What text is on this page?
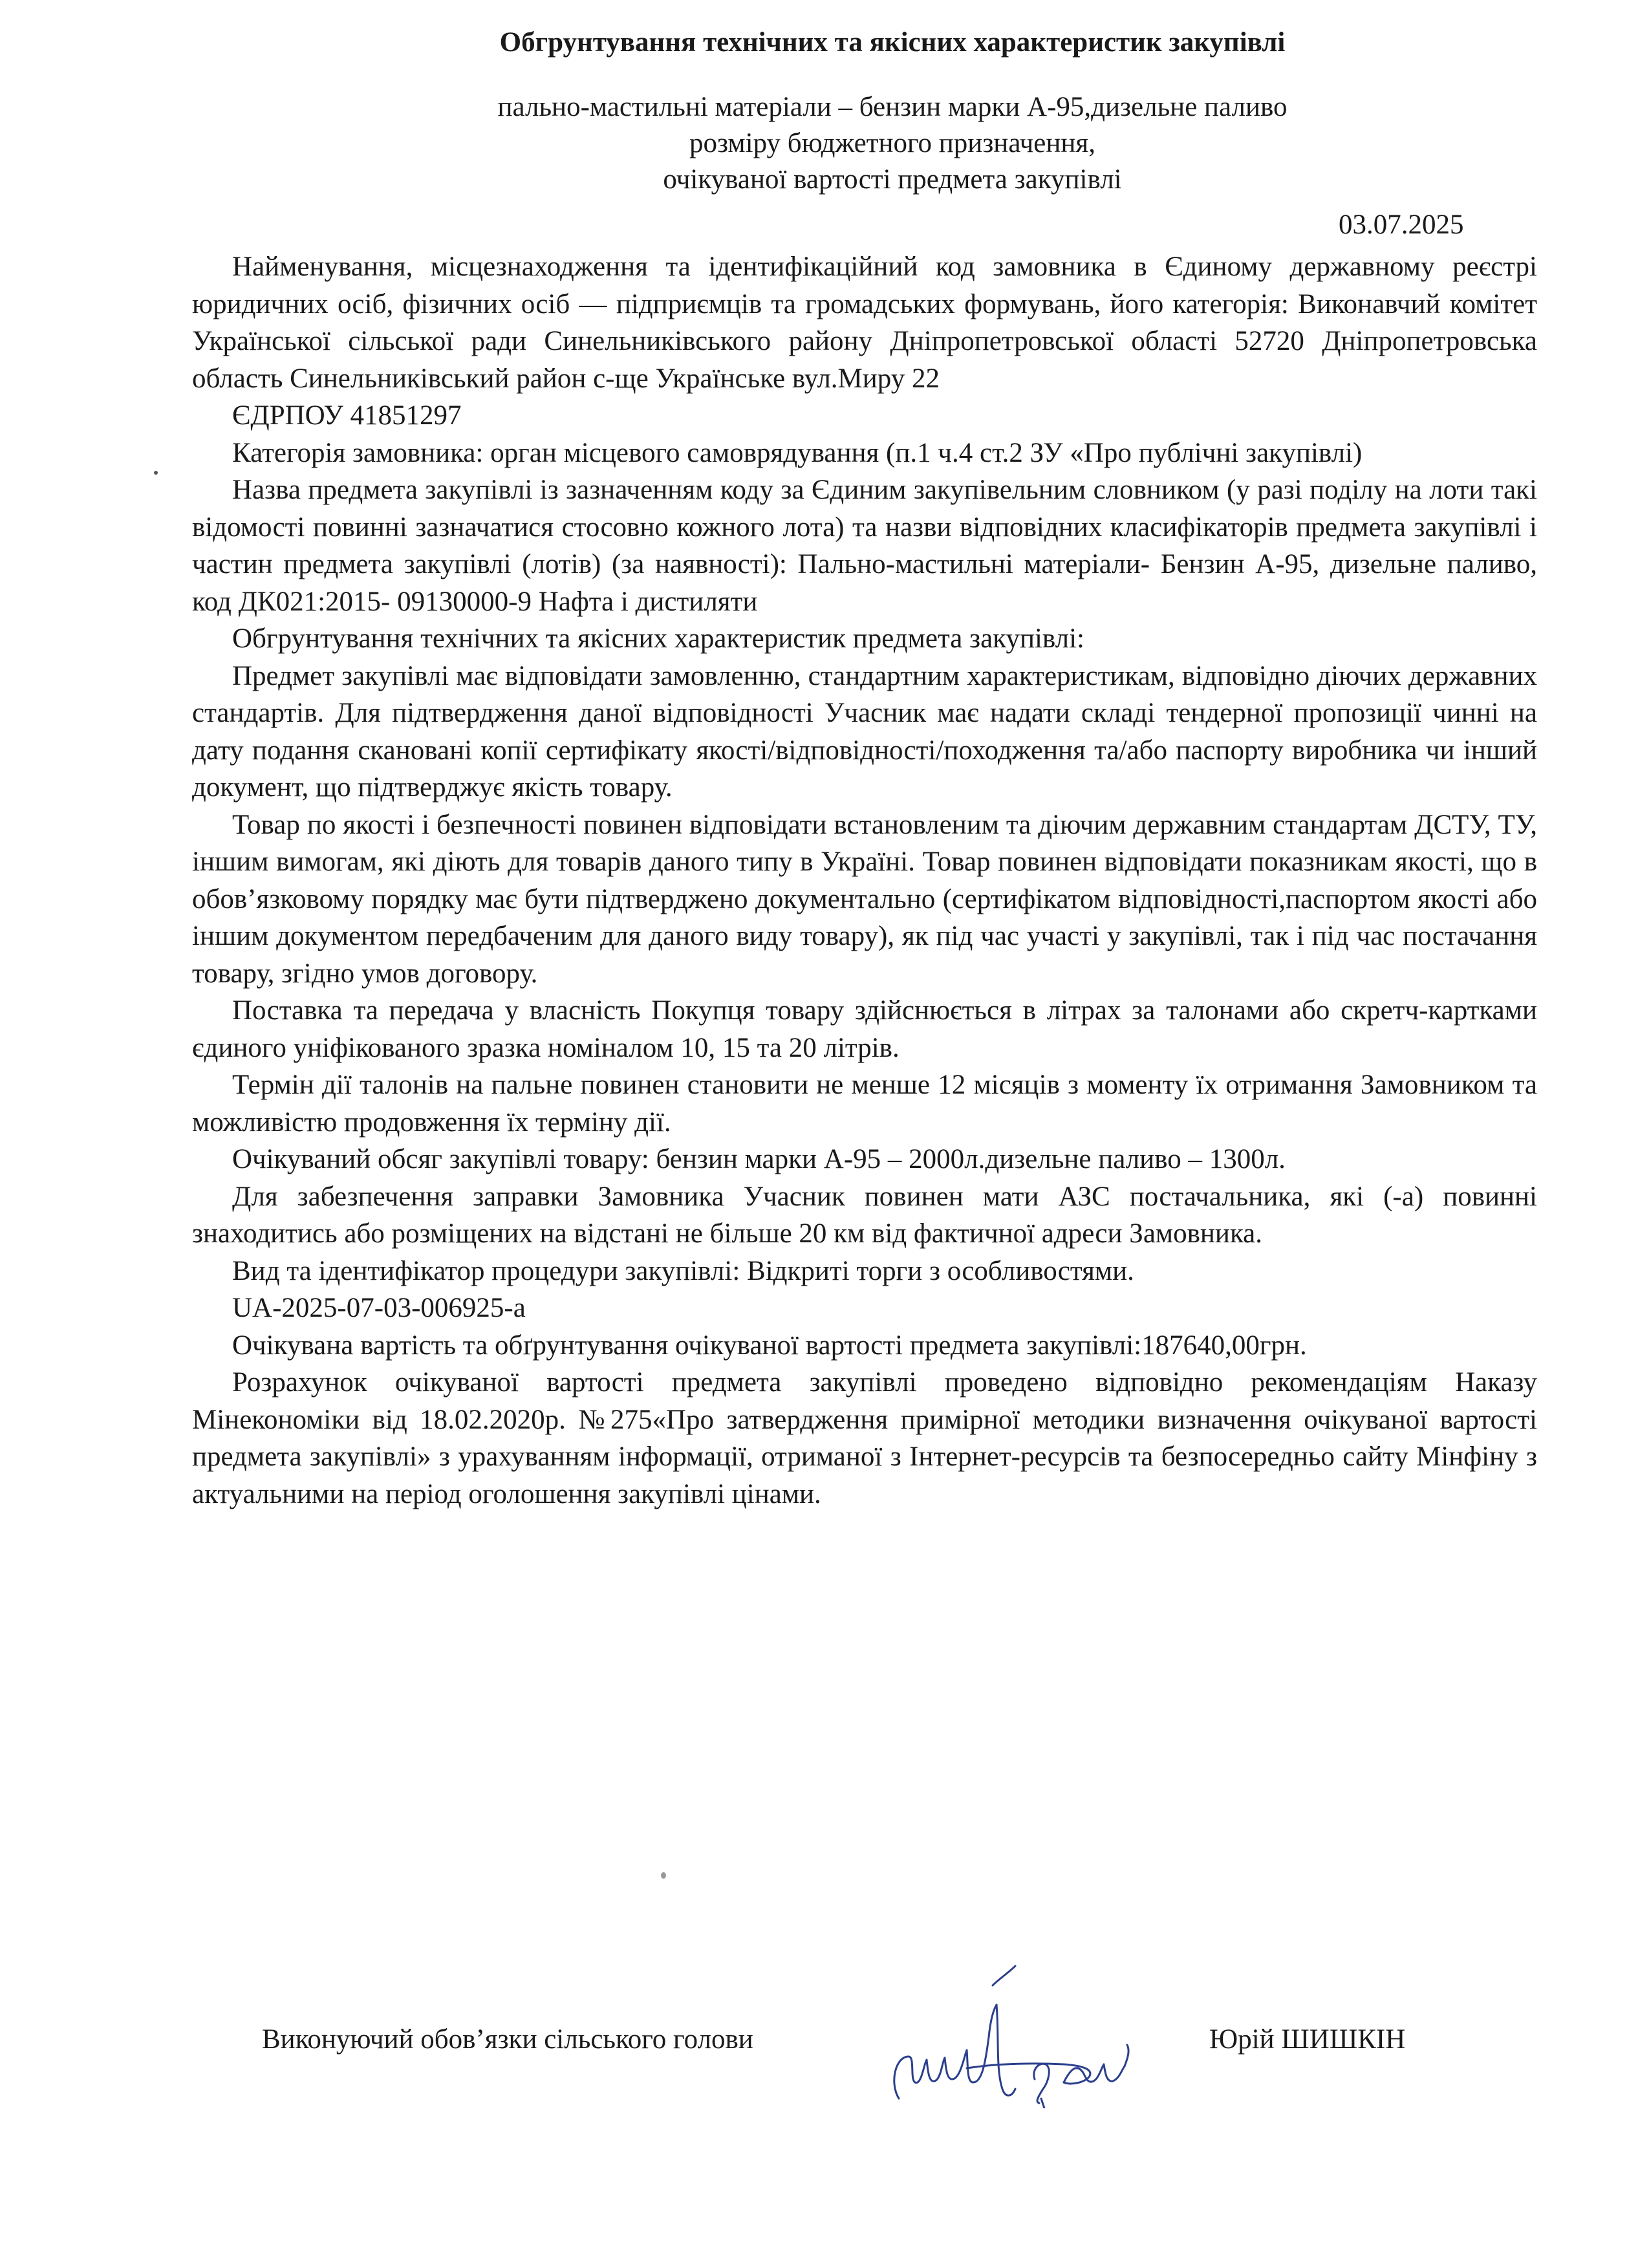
Обгрунтування технічних та якісних характеристик закупівлі
пально-мастильні матеріали – бензин марки А-95,дизельне паливо
розміру бюджетного призначення,
очікуваної вартості предмета закупівлі
03.07.2025

Найменування, місцезнаходження та ідентифікаційний код замовника в Єдиному державному реєстрі юридичних осіб, фізичних осіб — підприємців та громадських формувань, його категорія: Виконавчий комітет Української сільської ради Синельниківського району Дніпропетровської області 52720 Дніпропетровська область Синельниківський район с-ще Українське вул.Миру 22

ЄДРПОУ 41851297

Категорія замовника: орган місцевого самоврядування (п.1 ч.4 ст.2 ЗУ «Про публічні закупівлі)

Назва предмета закупівлі із зазначенням коду за Єдиним закупівельним словником (у разі поділу на лоти такі відомості повинні зазначатися стосовно кожного лота) та назви відповідних класифікаторів предмета закупівлі і частин предмета закупівлі (лотів) (за наявності): Пально-мастильні матеріали- Бензин А-95, дизельне паливо, код ДК021:2015- 09130000-9 Нафта і дистиляти

Обгрунтування технічних та якісних характеристик предмета закупівлі:

Предмет закупівлі має відповідати замовленню, стандартним характеристикам, відповідно діючих державних стандартів. Для підтвердження даної відповідності Учасник має надати складі тендерної пропозиції чинні на дату подання скановані копії сертифікату якості/відповідності/походження та/або паспорту виробника чи інший документ, що підтверджує якість товару.

Товар по якості і безпечності повинен відповідати встановленим та діючим державним стандартам ДСТУ, ТУ, іншим вимогам, які діють для товарів даного типу в Україні. Товар повинен відповідати показникам якості, що в обов’язковому порядку має бути підтверджено документально (сертифікатом відповідності,паспортом якості або іншим документом передбаченим для даного виду товару), як під час участі у закупівлі, так і під час постачання товару, згідно умов договору.

Поставка та передача у власність Покупця товару здійснюється в літрах за талонами або скретч-картками єдиного уніфікованого зразка номіналом 10, 15 та 20 літрів.

Термін дії талонів на пальне повинен становити не менше 12 місяців з моменту їх отримання Замовником та можливістю продовження їх терміну дії.

Очікуваний обсяг закупівлі товару: бензин марки А-95 – 2000л.дизельне паливо – 1300л.

Для забезпечення заправки Замовника Учасник повинен мати АЗС постачальника, які (-а) повинні знаходитись або розміщених на відстані не більше 20 км від фактичної адреси Замовника.

Вид та ідентифікатор процедури закупівлі: Відкриті торги з особливостями.

UA-2025-07-03-006925-a

Очікувана вартість та обґрунтування очікуваної вартості предмета закупівлі:187640,00грн.

Розрахунок очікуваної вартості предмета закупівлі проведено відповідно рекомендаціям Наказу Мінекономіки від 18.02.2020р. №275«Про затвердження примірної методики визначення очікуваної вартості предмета закупівлі» з урахуванням інформації, отриманої з Інтернет-ресурсів та безпосередньо сайту Мінфіну з актуальними на період оголошення закупівлі цінами.

Виконуючий обов’язки сільського голови	Юрій ШИШКІН
